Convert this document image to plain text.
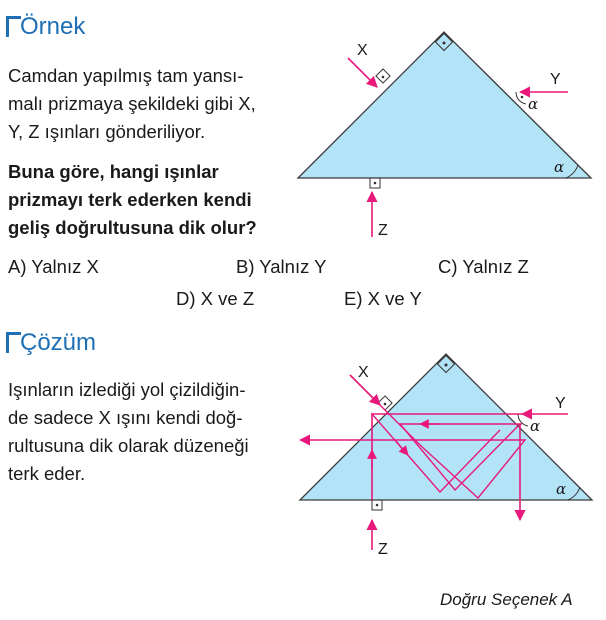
Örnek
Camdan yapılmış tam yansı-
malı prizmaya şekildeki gibi X,
Y, Z ışınları gönderiliyor.
Buna göre, hangi ışınlar
prizmayı terk ederken kendi
geliş doğrultusuna dik olur?
A) Yalnız X	B) Yalnız Y	C) Yalnız Z
D) X ve Z	E) X ve Y
α
α
X
Y
Z
Çözüm
Işınların izlediği yol çizildiğin-
de sadece X ışını kendi doğ-
rultusuna dik olarak düzeneği
terk eder.
α
α
X
Y
Z
Doğru Seçenek A
